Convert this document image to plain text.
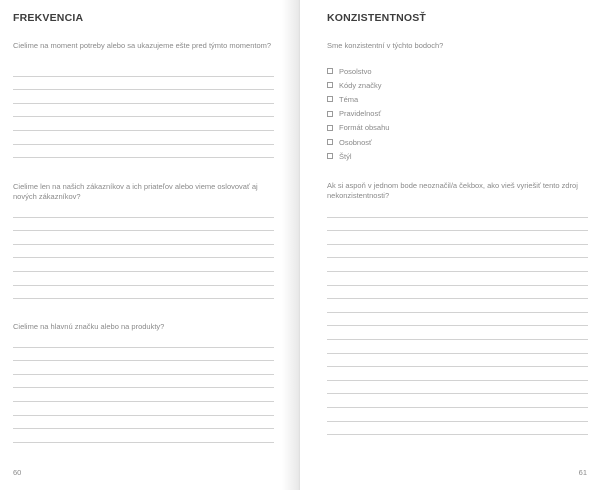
FREKVENCIA

Cielime na moment potreby alebo sa ukazujeme ešte pred týmto momentom?

Cielime len na našich zákazníkov a ich priateľov alebo vieme oslovovať aj nových zákazníkov?

Cielime na hlavnú značku alebo na produkty?

60
KONZISTENTNOSŤ

Sme konzistentní v týchto bodoch?

Posolstvo
Kódy značky
Téma
Pravidelnosť
Formát obsahu
Osobnosť
Štýl

Ak si aspoň v jednom bode neoznačil/a čekbox, ako vieš vyriešiť tento zdroj nekonzistentnosti?

61
